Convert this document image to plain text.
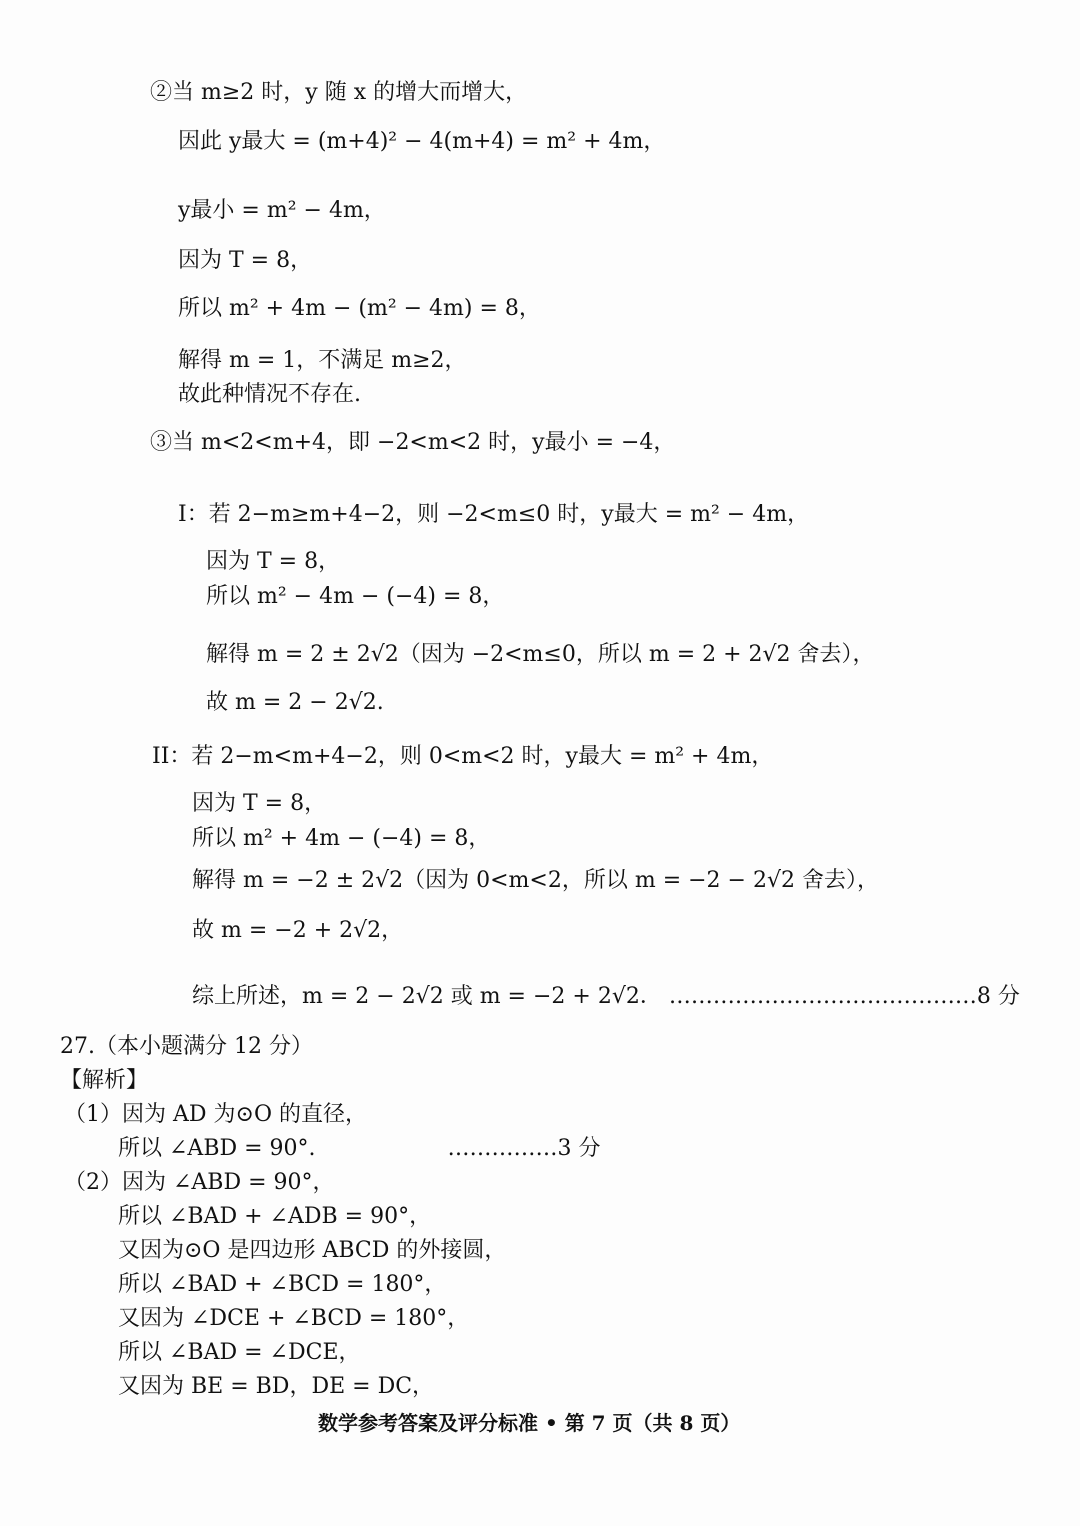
②当 m≥2 时，y 随 x 的增大而增大，
因此 y最大 = (m+4)² − 4(m+4) = m² + 4m，
y最小 = m² − 4m，
因为 T = 8，
所以 m² + 4m − (m² − 4m) = 8，
解得 m = 1，不满足 m≥2，
故此种情况不存在.
③当 m<2<m+4，即 −2<m<2 时，y最小 = −4，
I：若 2−m≥m+4−2，则 −2<m≤0 时，y最大 = m² − 4m，
因为 T = 8，
所以 m² − 4m − (−4) = 8，
解得 m = 2 ± 2√2（因为 −2<m≤0，所以 m = 2 + 2√2 舍去），
故 m = 2 − 2√2.
II：若 2−m<m+4−2，则 0<m<2 时，y最大 = m² + 4m，
因为 T = 8，
所以 m² + 4m − (−4) = 8，
解得 m = −2 ± 2√2（因为 0<m<2，所以 m = −2 − 2√2 舍去），
故 m = −2 + 2√2，
综上所述，m = 2 − 2√2 或 m = −2 + 2√2． ……………………………………8 分
27.（本小题满分 12 分）
【解析】
（1）因为 AD 为⊙O 的直径，
所以 ∠ABD = 90°.　　　　　　……………3 分
（2）因为 ∠ABD = 90°，
所以 ∠BAD + ∠ADB = 90°，
又因为⊙O 是四边形 ABCD 的外接圆，
所以 ∠BAD + ∠BCD = 180°，
又因为 ∠DCE + ∠BCD = 180°，
所以 ∠BAD = ∠DCE，
又因为 BE = BD，DE = DC，
数学参考答案及评分标准 • 第 7 页（共 8 页）
